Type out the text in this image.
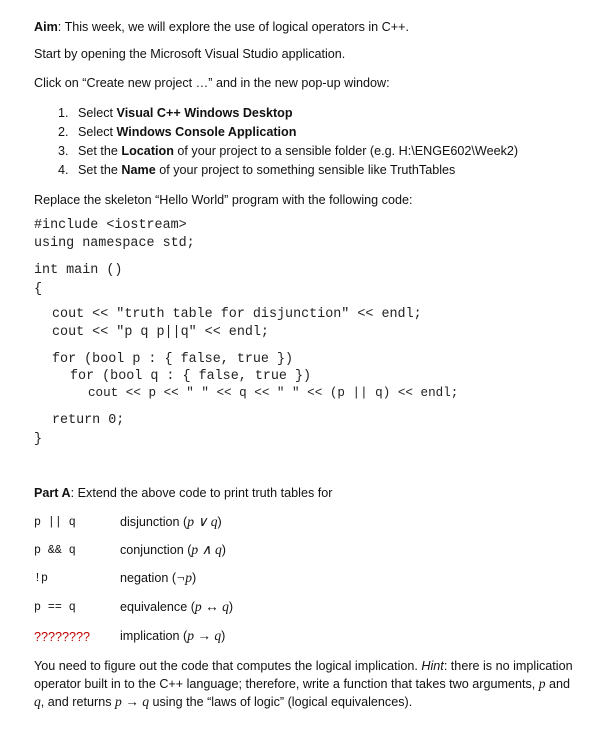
Aim: This week, we will explore the use of logical operators in C++.
Start by opening the Microsoft Visual Studio application.
Click on “Create new project …” and in the new pop-up window:
1. Select Visual C++ Windows Desktop
2. Select Windows Console Application
3. Set the Location of your project to a sensible folder (e.g. H:\ENGE602\Week2)
4. Set the Name of your project to something sensible like TruthTables
Replace the skeleton “Hello World” program with the following code:
#include <iostream>
using namespace std;
int main ()
{
cout << "truth table for disjunction" << endl;
cout << "p q p||q" << endl;
for (bool p : { false, true })
for (bool q : { false, true })
cout << p << " " << q << " " << (p || q) << endl;
return 0;
}
Part A: Extend the above code to print truth tables for
p || q	disjunction (p ∨ q)
p && q	conjunction (p ∧ q)
!p	negation (¬p)
p == q	equivalence (p ↔ q)
???????? implication (p → q)
You need to figure out the code that computes the logical implication. Hint: there is no implication operator built in to the C++ language; therefore, write a function that takes two arguments, p and q, and returns p → q using the “laws of logic” (logical equivalences).
